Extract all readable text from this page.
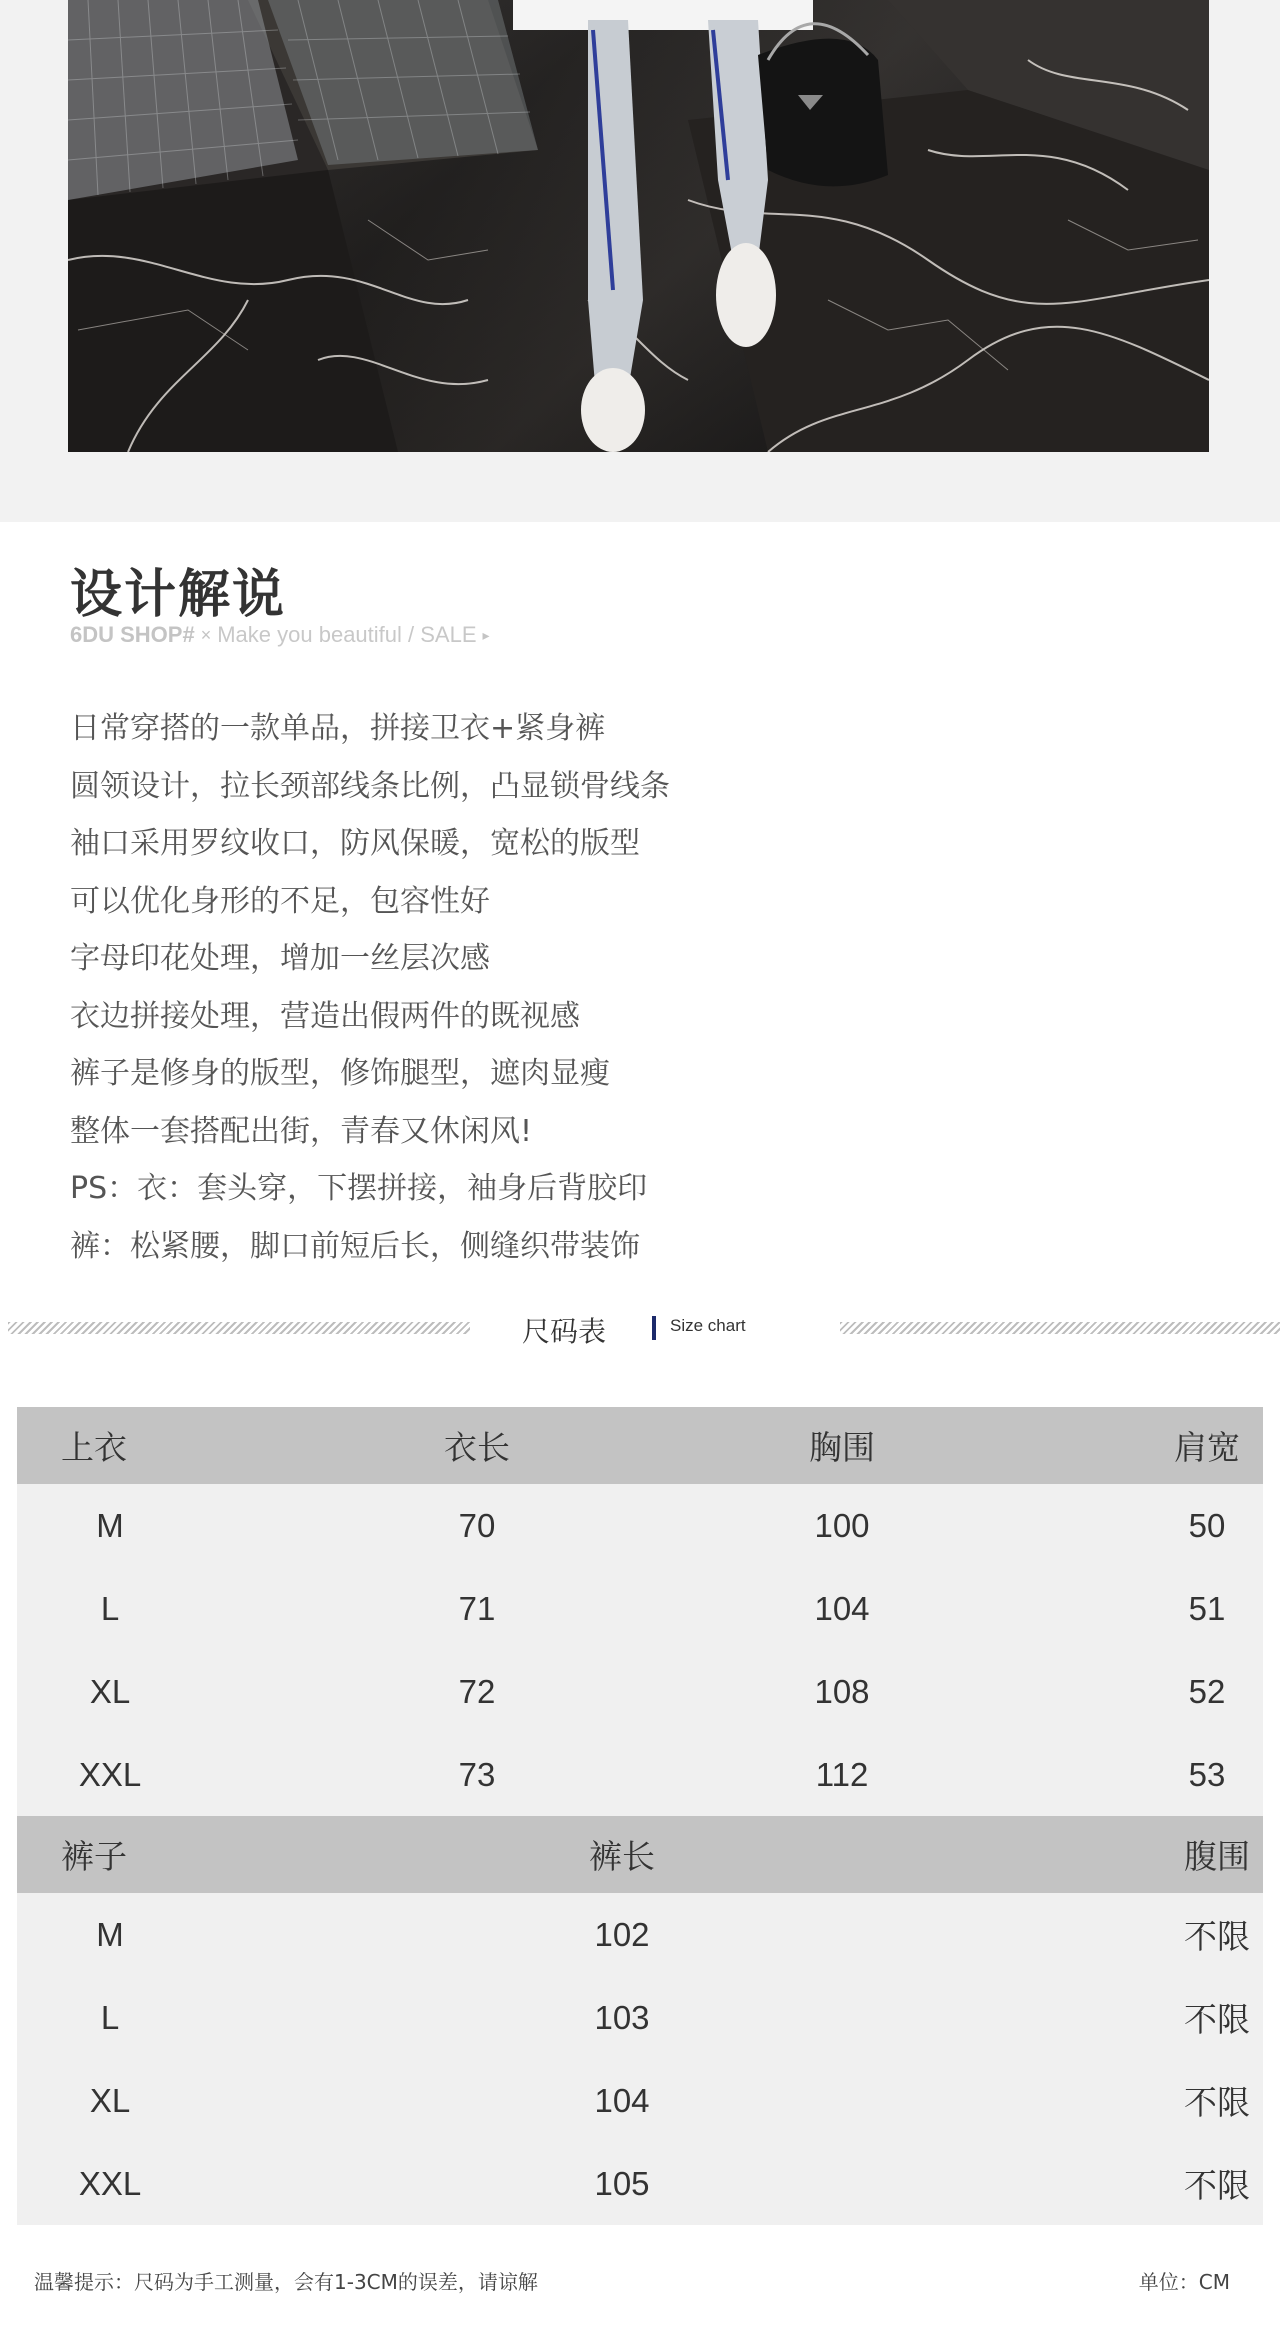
设计解说
6DU SHOP# × Make you beautiful / SALE ▸
日常穿搭的一款单品，拼接卫衣+紧身裤
圆领设计，拉长颈部线条比例，凸显锁骨线条
袖口采用罗纹收口，防风保暖，宽松的版型
可以优化身形的不足，包容性好
字母印花处理，增加一丝层次感
衣边拼接处理，营造出假两件的既视感
裤子是修身的版型，修饰腿型，遮肉显瘦
整体一套搭配出街，青春又休闲风!
PS：衣：套头穿，下摆拼接，袖身后背胶印
裤：松紧腰，脚口前短后长，侧缝织带装饰
尺码表	Size chart
上衣	衣长	胸围	肩宽
M	70	100	50
L	71	104	51
XL	72	108	52
XXL	73	112	53
裤子	裤长	腹围
M	102	不限
L	103	不限
XL	104	不限
XXL	105	不限
温馨提示：尺码为手工测量，会有1-3CM的误差，请谅解	单位：CM
